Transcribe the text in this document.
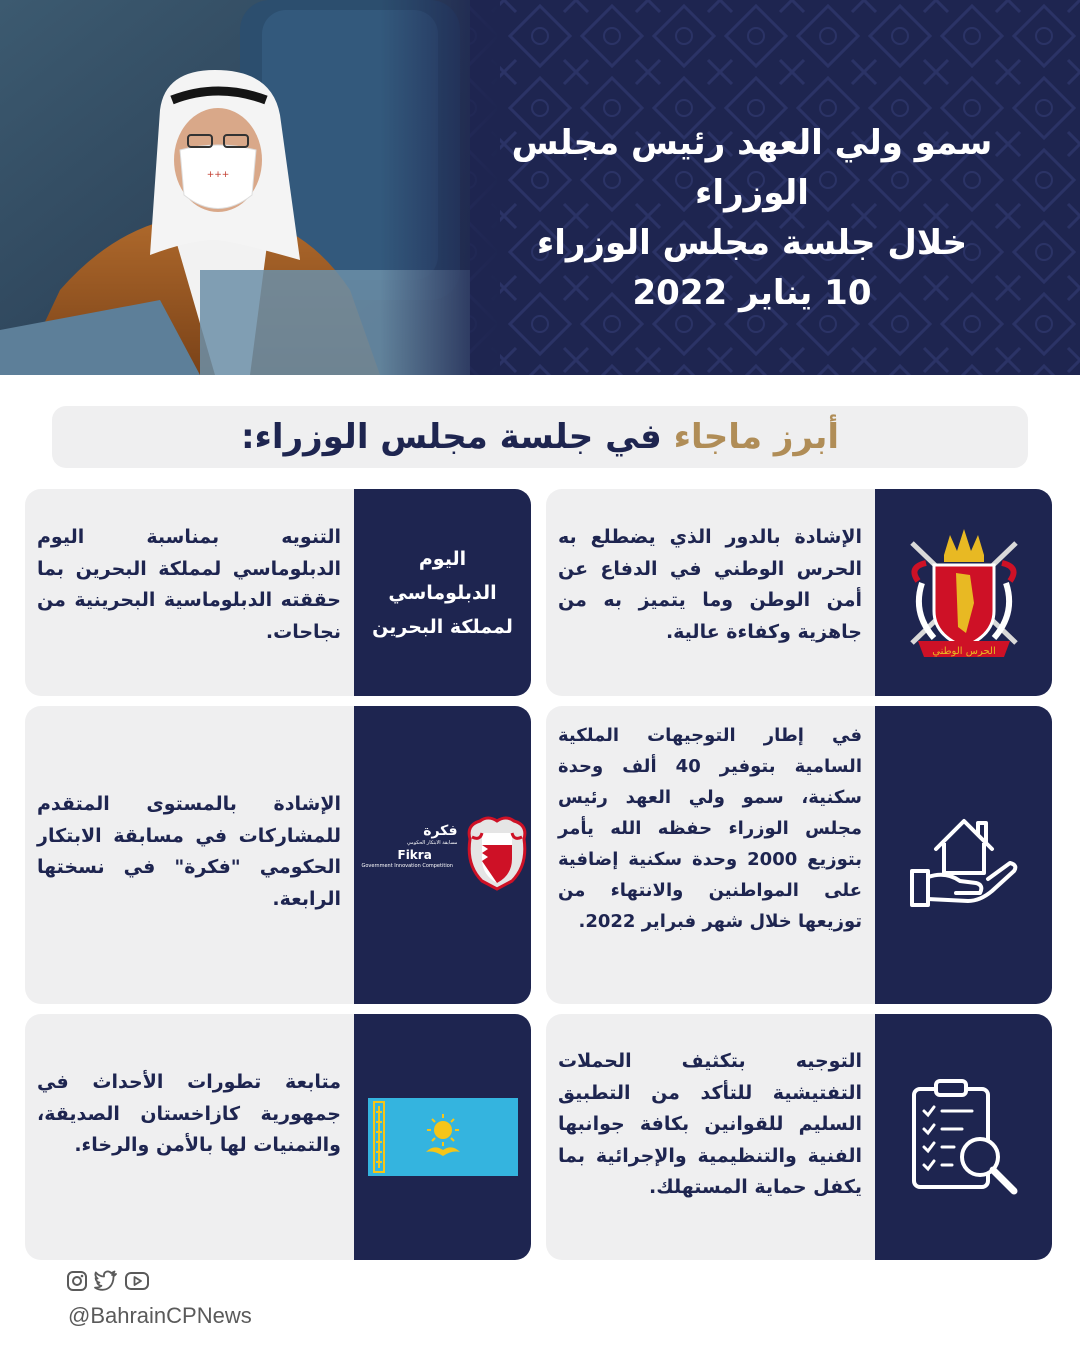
+++
سمو ولي العهد رئيس مجلس الوزراء
خلال جلسة مجلس الوزراء
10 يناير 2022
أبرز ماجاء في جلسة مجلس الوزراء:
الحرس الوطني
الإشادة بالدور الذي يضطلع به الحرس الوطني في الدفاع عن أمن الوطن وما يتميز به من جاهزية وكفاءة عالية.
اليوم
الدبلوماسي
لمملكة البحرين
التنويه بمناسبة اليوم الدبلوماسي لمملكة البحرين بما حققته الدبلوماسية البحرينية من نجاحات.
في إطار التوجيهات الملكية السامية بتوفير 40 ألف وحدة سكنية، سمو ولي العهد رئيس مجلس الوزراء حفظه الله يأمر بتوزيع 2000 وحدة سكنية إضافية على المواطنين والانتهاء من توزيعها خلال شهر فبراير 2022.
فكرة
مسابقة الابتكار الحكومي
Fikra
Government Innovation Competition
الإشادة بالمستوى المتقدم للمشاركات في مسابقة الابتكار الحكومي "فكرة" في نسختها الرابعة.
التوجيه بتكثيف الحملات التفتيشية للتأكد من التطبيق السليم للقوانين بكافة جوانبها الفنية والتنظيمية والإجرائية بما يكفل حماية المستهلك.
متابعة تطورات الأحداث في جمهورية كازاخستان الصديقة، والتمنيات لها بالأمن والرخاء.
@BahrainCPNews
